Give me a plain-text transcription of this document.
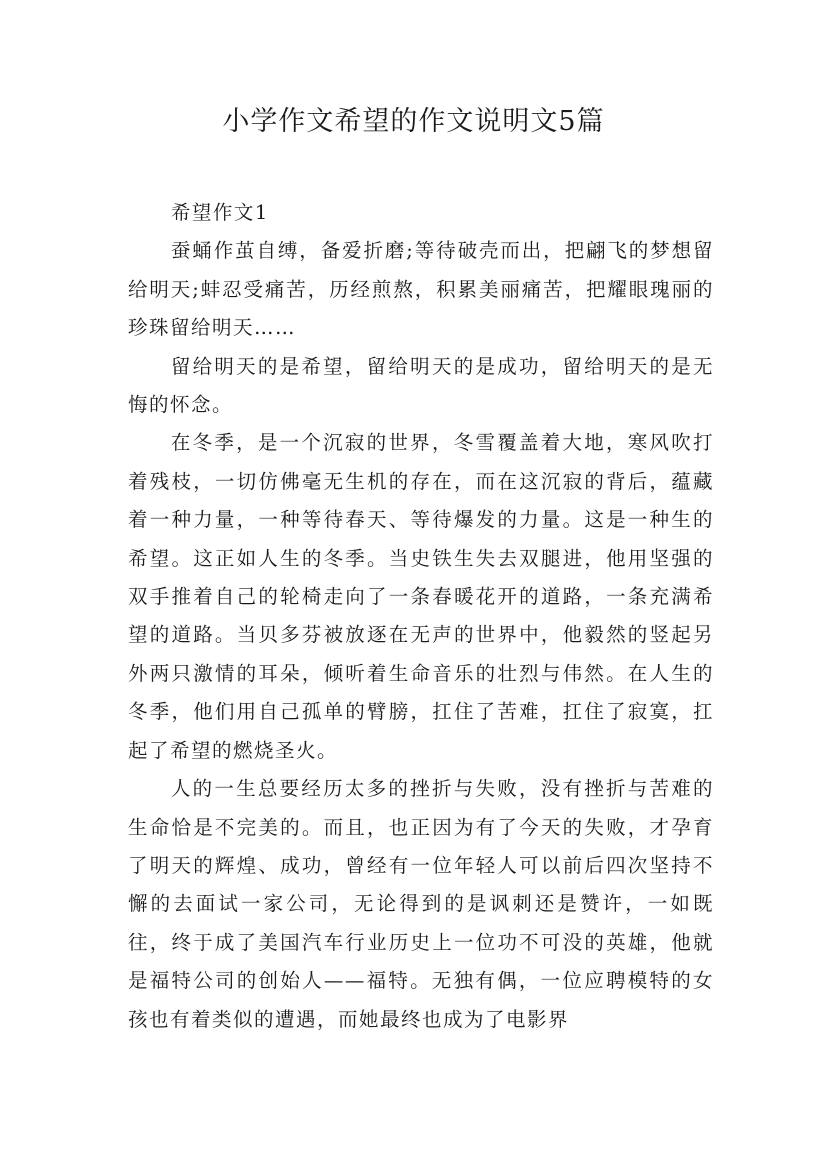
小学作文希望的作文说明文5篇
希望作文1

蚕蛹作茧自缚，备爱折磨;等待破壳而出，把翩飞的梦想留给明天;蚌忍受痛苦，历经煎熬，积累美丽痛苦，把耀眼瑰丽的珍珠留给明天……

留给明天的是希望，留给明天的是成功，留给明天的是无悔的怀念。

在冬季，是一个沉寂的世界，冬雪覆盖着大地，寒风吹打着残枝，一切仿佛毫无生机的存在，而在这沉寂的背后，蕴藏着一种力量，一种等待春天、等待爆发的力量。这是一种生的希望。这正如人生的冬季。当史铁生失去双腿进，他用坚强的双手推着自己的轮椅走向了一条春暖花开的道路，一条充满希望的道路。当贝多芬被放逐在无声的世界中，他毅然的竖起另外两只激情的耳朵，倾听着生命音乐的壮烈与伟然。在人生的冬季，他们用自己孤单的臂膀，扛住了苦难，扛住了寂寞，扛起了希望的燃烧圣火。

人的一生总要经历太多的挫折与失败，没有挫折与苦难的生命恰是不完美的。而且，也正因为有了今天的失败，才孕育了明天的辉煌、成功，曾经有一位年轻人可以前后四次坚持不懈的去面试一家公司，无论得到的是讽刺还是赞许，一如既往，终于成了美国汽车行业历史上一位功不可没的英雄，他就是福特公司的创始人——福特。无独有偶，一位应聘模特的女孩也有着类似的遭遇，而她最终也成为了电影界
